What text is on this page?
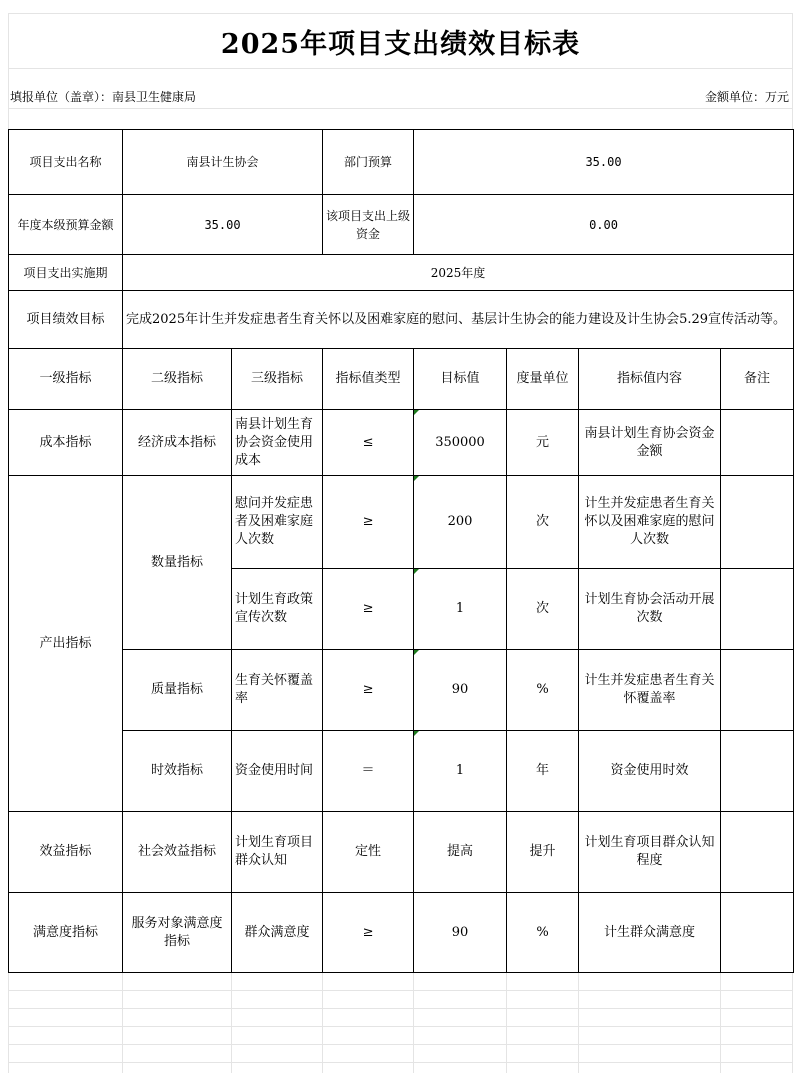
2025年项目支出绩效目标表
填报单位（盖章）：南县卫生健康局	金额单位：万元
项目支出名称	南县计生协会		部门预算	35.00			
年度本级预算金额	35.00		该项目支出上级资金	0.00			
项目支出实施期	2025年度						
项目绩效目标	完成2025年计生并发症患者生育关怀以及困难家庭的慰问、基层计生协会的能力建设及计生协会5.29宣传活动等。						
一级指标	二级指标	三级指标	指标值类型	目标值	度量单位	指标值内容	备注
成本指标	经济成本指标	南县计划生育协会资金使用成本	≤	350000	元	南县计划生育协会资金金额	
产出指标	数量指标	慰问并发症患者及困难家庭人次数	≥	200	次	计生并发症患者生育关怀以及困难家庭的慰问人次数	
		计划生育政策宣传次数	≥	1	次	计划生育协会活动开展次数	
	质量指标	生育关怀覆盖率	≥	90	%	计生并发症患者生育关怀覆盖率	
	时效指标	资金使用时间	＝	1	年	资金使用时效	
效益指标	社会效益指标	计划生育项目群众认知	定性	提高	提升	计划生育项目群众认知程度	
满意度指标	服务对象满意度指标	群众满意度	≥	90	%	计生群众满意度	
